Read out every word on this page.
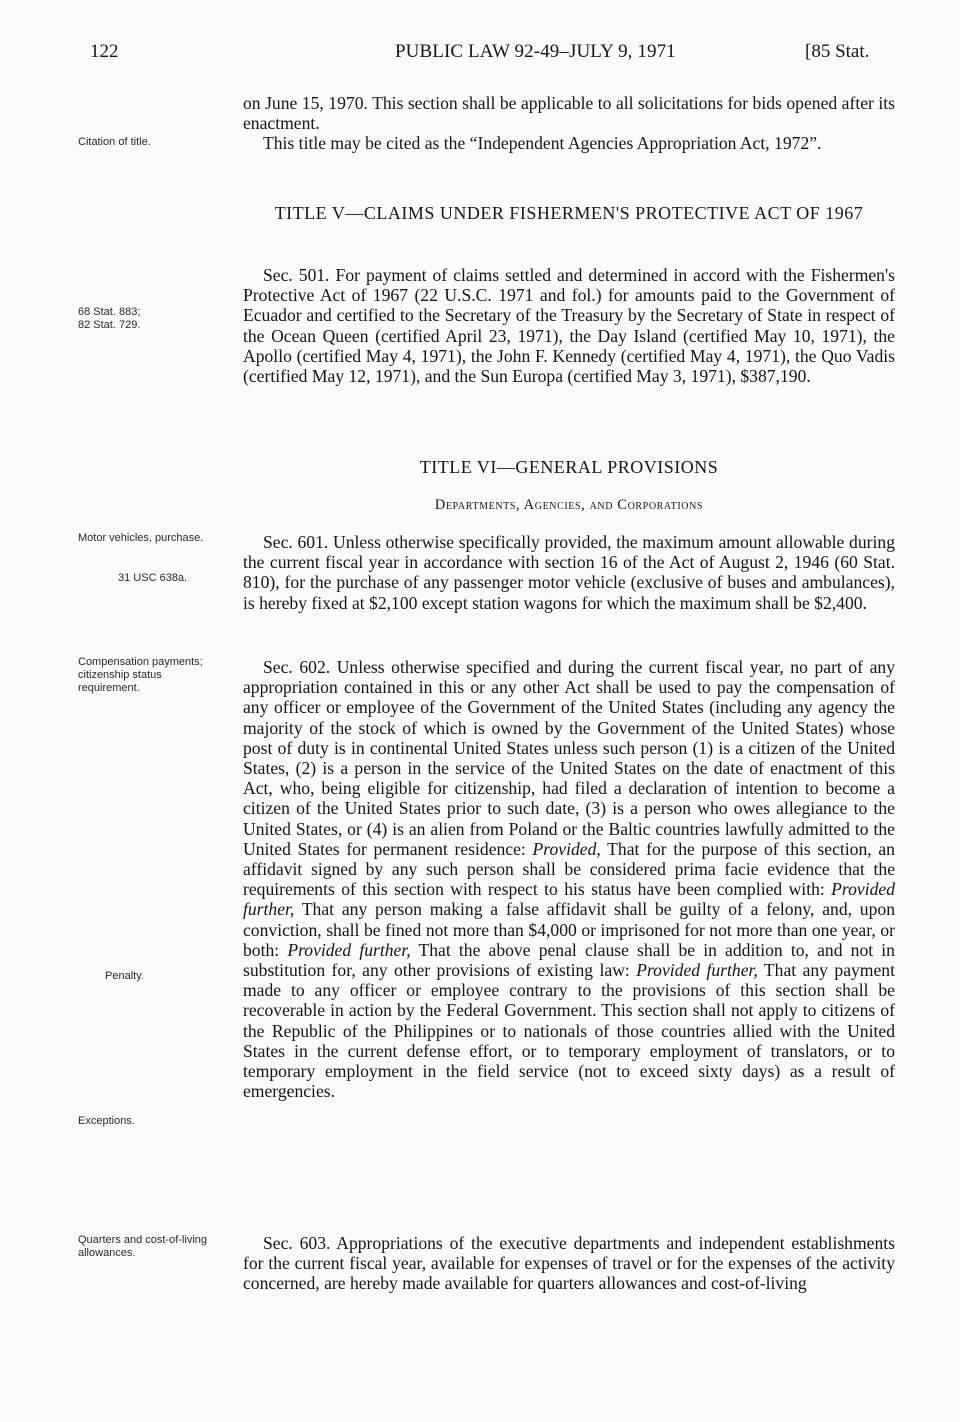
122	PUBLIC LAW 92-49–JULY 9, 1971	[85 Stat.
Citation of title.
68 Stat. 883;
82 Stat. 729.
Motor vehicles, purchase.
31 USC 638a.
Compensation payments; citizenship status requirement.
Penalty.
Exceptions.
Quarters and cost-of-living allowances.

on June 15, 1970. This section shall be applicable to all solicitations for bids opened after its enactment.

This title may be cited as the “Independent Agencies Appropriation Act, 1972”.

TITLE V—CLAIMS UNDER FISHERMEN'S PROTECTIVE ACT OF 1967

Sec. 501. For payment of claims settled and determined in accord with the Fishermen's Protective Act of 1967 (22 U.S.C. 1971 and fol.) for amounts paid to the Government of Ecuador and certified to the Secretary of the Treasury by the Secretary of State in respect of the Ocean Queen (certified April 23, 1971), the Day Island (certified May 10, 1971), the Apollo (certified May 4, 1971), the John F. Kennedy (certified May 4, 1971), the Quo Vadis (certified May 12, 1971), and the Sun Europa (certified May 3, 1971), $387,190.

TITLE VI—GENERAL PROVISIONS
Departments, Agencies, and Corporations

Sec. 601. Unless otherwise specifically provided, the maximum amount allowable during the current fiscal year in accordance with section 16 of the Act of August 2, 1946 (60 Stat. 810), for the purchase of any passenger motor vehicle (exclusive of buses and ambulances), is hereby fixed at $2,100 except station wagons for which the maximum shall be $2,400.

Sec. 602. Unless otherwise specified and during the current fiscal year, no part of any appropriation contained in this or any other Act shall be used to pay the compensation of any officer or employee of the Government of the United States (including any agency the majority of the stock of which is owned by the Government of the United States) whose post of duty is in continental United States unless such person (1) is a citizen of the United States, (2) is a person in the service of the United States on the date of enactment of this Act, who, being eligible for citizenship, had filed a declaration of intention to become a citizen of the United States prior to such date, (3) is a person who owes allegiance to the United States, or (4) is an alien from Poland or the Baltic countries lawfully admitted to the United States for permanent residence: Provided, That for the purpose of this section, an affidavit signed by any such person shall be considered prima facie evidence that the requirements of this section with respect to his status have been complied with: Provided further, That any person making a false affidavit shall be guilty of a felony, and, upon conviction, shall be fined not more than $4,000 or imprisoned for not more than one year, or both: Provided further, That the above penal clause shall be in addition to, and not in substitution for, any other provisions of existing law: Provided further, That any payment made to any officer or employee contrary to the provisions of this section shall be recoverable in action by the Federal Government. This section shall not apply to citizens of the Republic of the Philippines or to nationals of those countries allied with the United States in the current defense effort, or to temporary employment of translators, or to temporary employment in the field service (not to exceed sixty days) as a result of emergencies.

Sec. 603. Appropriations of the executive departments and independent establishments for the current fiscal year, available for expenses of travel or for the expenses of the activity concerned, are hereby made available for quarters allowances and cost-of-living
